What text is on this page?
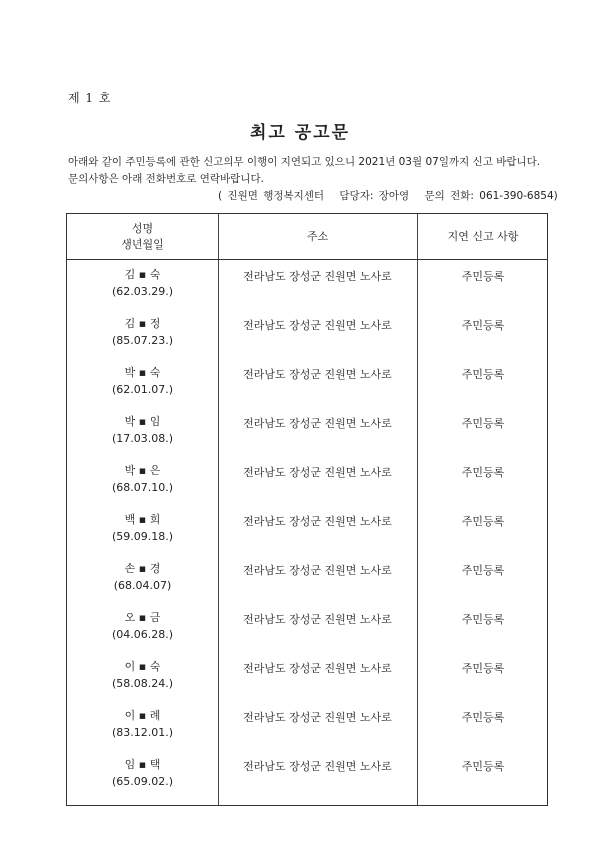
제 1 호
최고 공고문
아래와 같이 주민등록에 관한 신고의무 이행이 지연되고 있으니 2021년 03월 07일까지 신고 바랍니다.
문의사항은 아래 전화번호로 연락바랍니다.
( 진원면 행정복지센터 담당자: 장아영 문의 전화: 061-390-6854)
성명
생년월일
주소	지연 신고 사항
김 ▪ 숙
(62.03.29.)
전라남도 장성군 진원면 노사로	주민등록
김 ▪ 정
(85.07.23.)
전라남도 장성군 진원면 노사로	주민등록
박 ▪ 숙
(62.01.07.)
전라남도 장성군 진원면 노사로	주민등록
박 ▪ 임
(17.03.08.)
전라남도 장성군 진원면 노사로	주민등록
박 ▪ 은
(68.07.10.)
전라남도 장성군 진원면 노사로	주민등록
백 ▪ 희
(59.09.18.)
전라남도 장성군 진원면 노사로	주민등록
손 ▪ 경
(68.04.07)
전라남도 장성군 진원면 노사로	주민등록
오 ▪ 금
(04.06.28.)
전라남도 장성군 진원면 노사로	주민등록
이 ▪ 숙
(58.08.24.)
전라남도 장성군 진원면 노사로	주민등록
이 ▪ 례
(83.12.01.)
전라남도 장성군 진원면 노사로	주민등록
임 ▪ 택
(65.09.02.)
전라남도 장성군 진원면 노사로	주민등록
